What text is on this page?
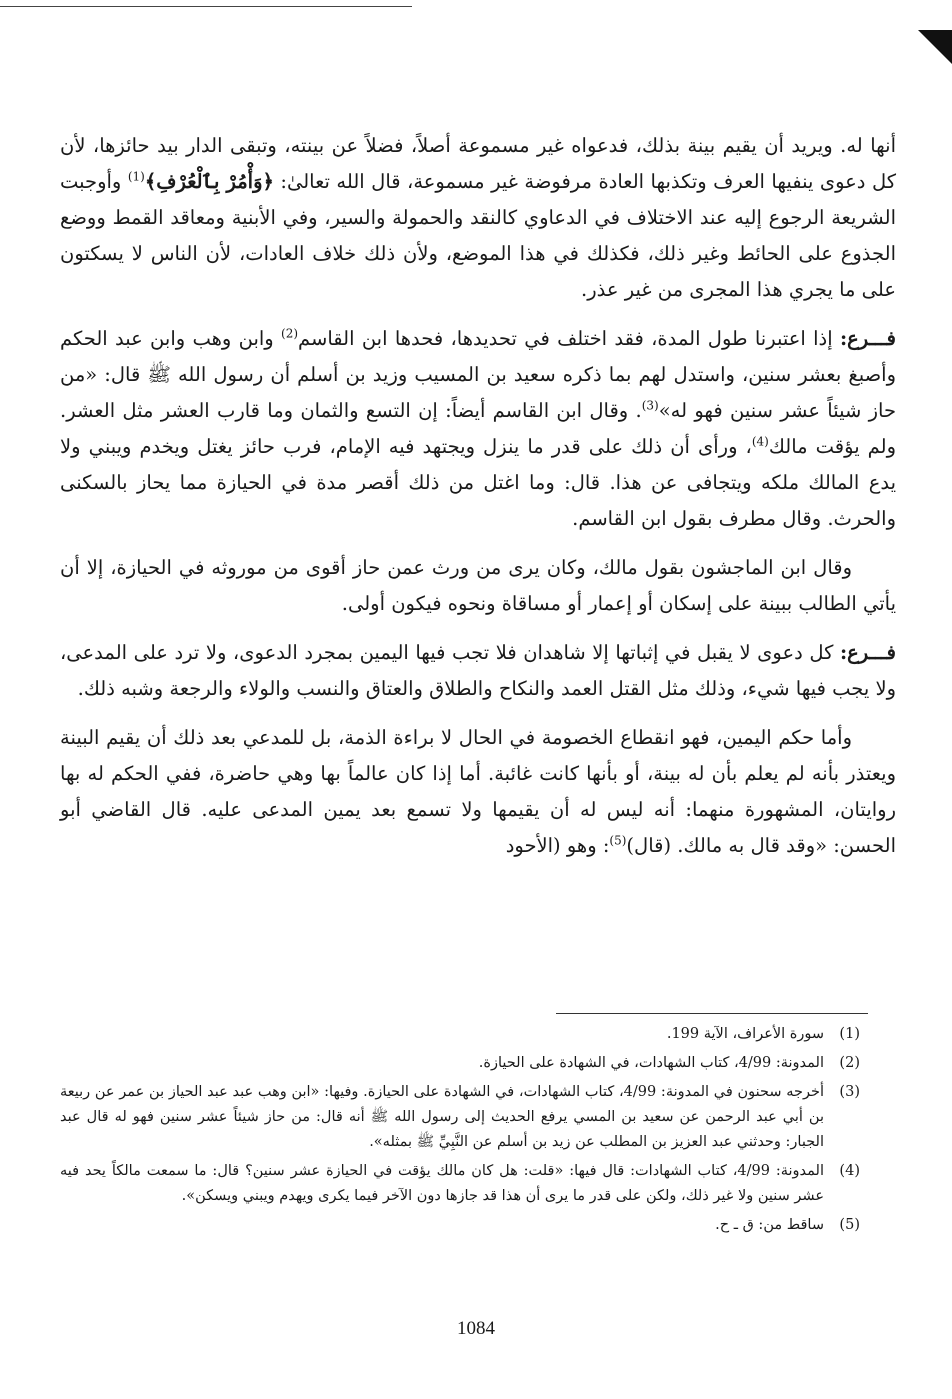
أنها له. ويريد أن يقيم بينة بذلك، فدعواه غير مسموعة أصلاً، فضلاً عن بينته، وتبقى الدار بيد حائزها، لأن كل دعوى ينفيها العرف وتكذبها العادة مرفوضة غير مسموعة، قال الله تعالىٰ: ﴿وَأْمُرْ بِٱلْعُرْفِ﴾$^{(1)}$ وأوجبت الشريعة الرجوع إليه عند الاختلاف في الدعاوي كالنقد والحمولة والسير، وفي الأبنية ومعاقد القمط ووضع الجذوع على الحائط وغير ذلك، فكذلك في هذا الموضع، ولأن ذلك خلاف العادات، لأن الناس لا يسكتون على ما يجري هذا المجرى من غير عذر.

فـــرع: إذا اعتبرنا طول المدة، فقد اختلف في تحديدها، فحدها ابن القاسم$^{(2)}$ وابن وهب وابن عبد الحكم وأصبغ بعشر سنين، واستدل لهم بما ذكره سعيد بن المسيب وزيد بن أسلم أن رسول الله ﷺ قال: «من حاز شيئاً عشر سنين فهو له»$^{(3)}$. وقال ابن القاسم أيضاً: إن التسع والثمان وما قارب العشر مثل العشر. ولم يؤقت مالك$^{(4)}$، ورأى أن ذلك على قدر ما ينزل ويجتهد فيه الإمام، فرب حائز يغتل ويخدم ويبني ولا يدع المالك ملكه ويتجافى عن هذا. قال: وما اغتل من ذلك أقصر مدة في الحيازة مما يحاز بالسكنى والحرث. وقال مطرف بقول ابن القاسم.

وقال ابن الماجشون بقول مالك، وكان يرى من ورث عمن حاز أقوى من موروثه في الحيازة، إلا أن يأتي الطالب ببينة على إسكان أو إعمار أو مساقاة ونحوه فيكون أولى.

فـــرع: كل دعوى لا يقبل في إثباتها إلا شاهدان فلا تجب فيها اليمين بمجرد الدعوى، ولا ترد على المدعى، ولا يجب فيها شيء، وذلك مثل القتل العمد والنكاح والطلاق والعتاق والنسب والولاء والرجعة وشبه ذلك.

وأما حكم اليمين، فهو انقطاع الخصومة في الحال لا براءة الذمة، بل للمدعي بعد ذلك أن يقيم البينة ويعتذر بأنه لم يعلم بأن له بينة، أو بأنها كانت غائبة. أما إذا كان عالماً بها وهي حاضرة، ففي الحكم له بها روايتان، المشهورة منهما: أنه ليس له أن يقيمها ولا تسمع بعد يمين المدعى عليه. قال القاضي أبو الحسن: «وقد قال به مالك. (قال)$^{(5)}$: وهو (الأحود

(1)
سورة الأعراف، الآية 199.
(2)
المدونة: 4/99، كتاب الشهادات، في الشهادة على الحيازة.
(3)
أخرجه سحنون في المدونة: 4/99، كتاب الشهادات، في الشهادة على الحيازة. وفيها: «ابن وهب عبد عبد الحياز بن عمر عن ربيعة بن أبي عبد الرحمن عن سعيد بن المسي يرفع الحديث إلى رسول الله ﷺ أنه قال: من حاز شيئاً عشر سنين فهو له قال عبد الجبار: وحدثني عبد العزيز بن المطلب عن زيد بن أسلم عن النَّبِيِّ ﷺ بمثله».
(4)
المدونة: 4/99، كتاب الشهادات: قال فيها: «قلت: هل كان مالك يؤقت في الحيازة عشر سنين؟ قال: ما سمعت مالكاً يحد فيه عشر سنين ولا غير ذلك، ولكن على قدر ما يرى أن هذا قد جازها دون الآخر فيما يكرى ويهدم ويبني ويسكن».
(5)
ساقط من: ق ـ ح.
1084
